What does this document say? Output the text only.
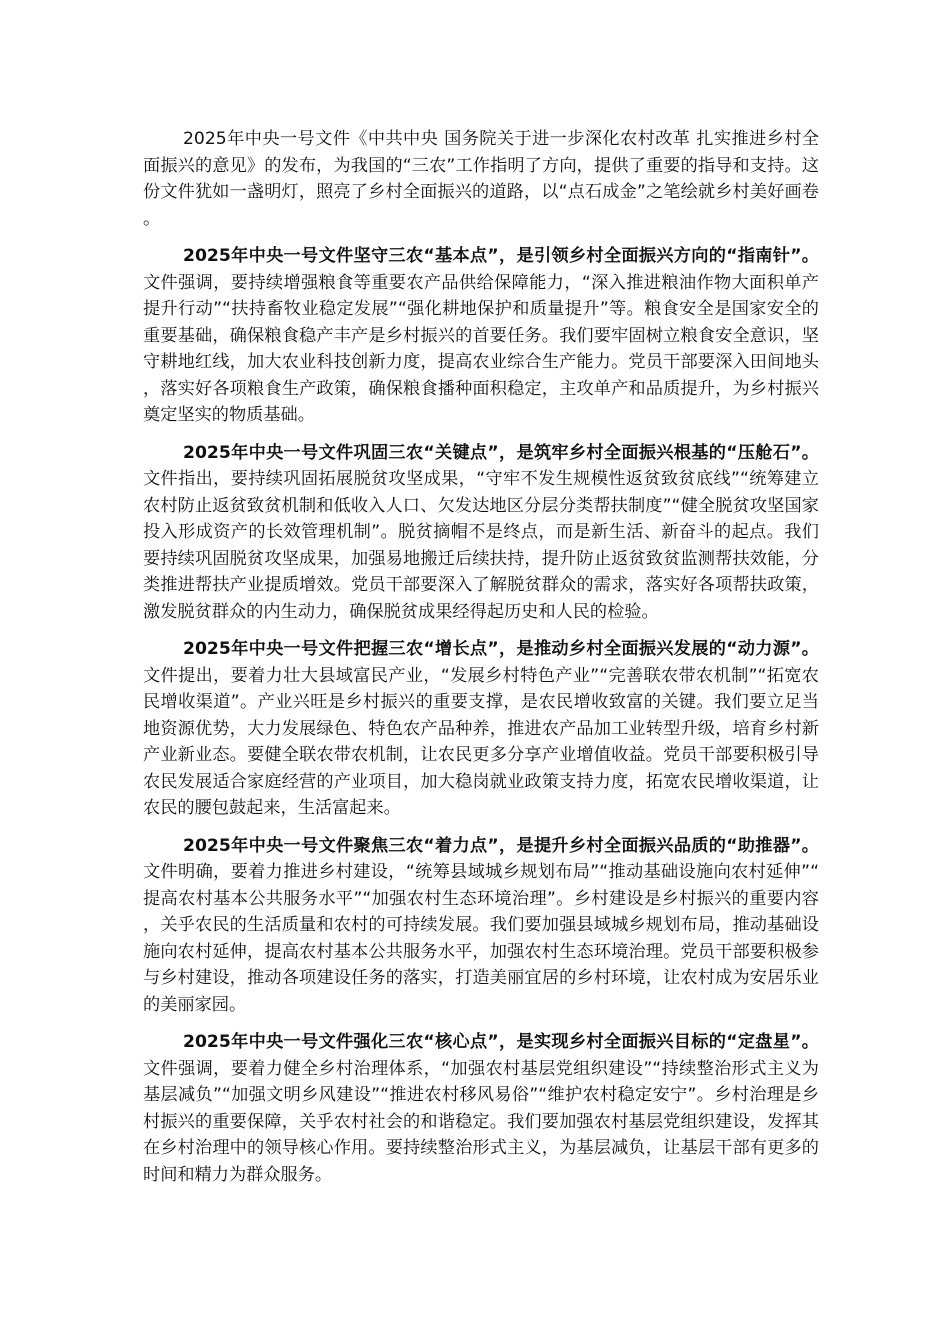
2025年中央一号文件《中共中央 国务院关于进一步深化农村改革 扎实推进乡村全面振兴的意见》的发布，为我国的“三农”工作指明了方向，提供了重要的指导和支持。这份文件犹如一盏明灯，照亮了乡村全面振兴的道路，以“点石成金”之笔绘就乡村美好画卷。

2025年中央一号文件坚守三农“基本点”，是引领乡村全面振兴方向的“指南针”。文件强调，要持续增强粮食等重要农产品供给保障能力，“深入推进粮油作物大面积单产提升行动”“扶持畜牧业稳定发展”“强化耕地保护和质量提升”等。粮食安全是国家安全的重要基础，确保粮食稳产丰产是乡村振兴的首要任务。我们要牢固树立粮食安全意识，坚守耕地红线，加大农业科技创新力度，提高农业综合生产能力。党员干部要深入田间地头，落实好各项粮食生产政策，确保粮食播种面积稳定，主攻单产和品质提升，为乡村振兴奠定坚实的物质基础。

2025年中央一号文件巩固三农“关键点”，是筑牢乡村全面振兴根基的“压舱石”。文件指出，要持续巩固拓展脱贫攻坚成果，“守牢不发生规模性返贫致贫底线”“统筹建立农村防止返贫致贫机制和低收入人口、欠发达地区分层分类帮扶制度”“健全脱贫攻坚国家投入形成资产的长效管理机制”。脱贫摘帽不是终点，而是新生活、新奋斗的起点。我们要持续巩固脱贫攻坚成果，加强易地搬迁后续扶持，提升防止返贫致贫监测帮扶效能，分类推进帮扶产业提质增效。党员干部要深入了解脱贫群众的需求，落实好各项帮扶政策，激发脱贫群众的内生动力，确保脱贫成果经得起历史和人民的检验。

2025年中央一号文件把握三农“增长点”，是推动乡村全面振兴发展的“动力源”。文件提出，要着力壮大县域富民产业，“发展乡村特色产业”“完善联农带农机制”“拓宽农民增收渠道”。产业兴旺是乡村振兴的重要支撑，是农民增收致富的关键。我们要立足当地资源优势，大力发展绿色、特色农产品种养，推进农产品加工业转型升级，培育乡村新产业新业态。要健全联农带农机制，让农民更多分享产业增值收益。党员干部要积极引导农民发展适合家庭经营的产业项目，加大稳岗就业政策支持力度，拓宽农民增收渠道，让农民的腰包鼓起来，生活富起来。

2025年中央一号文件聚焦三农“着力点”，是提升乡村全面振兴品质的“助推器”。文件明确，要着力推进乡村建设，“统筹县域城乡规划布局”“推动基础设施向农村延伸”“提高农村基本公共服务水平”“加强农村生态环境治理”。乡村建设是乡村振兴的重要内容，关乎农民的生活质量和农村的可持续发展。我们要加强县域城乡规划布局，推动基础设施向农村延伸，提高农村基本公共服务水平，加强农村生态环境治理。党员干部要积极参与乡村建设，推动各项建设任务的落实，打造美丽宜居的乡村环境，让农村成为安居乐业的美丽家园。

2025年中央一号文件强化三农“核心点”，是实现乡村全面振兴目标的“定盘星”。文件强调，要着力健全乡村治理体系，“加强农村基层党组织建设”“持续整治形式主义为基层减负”“加强文明乡风建设”“推进农村移风易俗”“维护农村稳定安宁”。乡村治理是乡村振兴的重要保障，关乎农村社会的和谐稳定。我们要加强农村基层党组织建设，发挥其在乡村治理中的领导核心作用。要持续整治形式主义，为基层减负，让基层干部有更多的时间和精力为群众服务。
